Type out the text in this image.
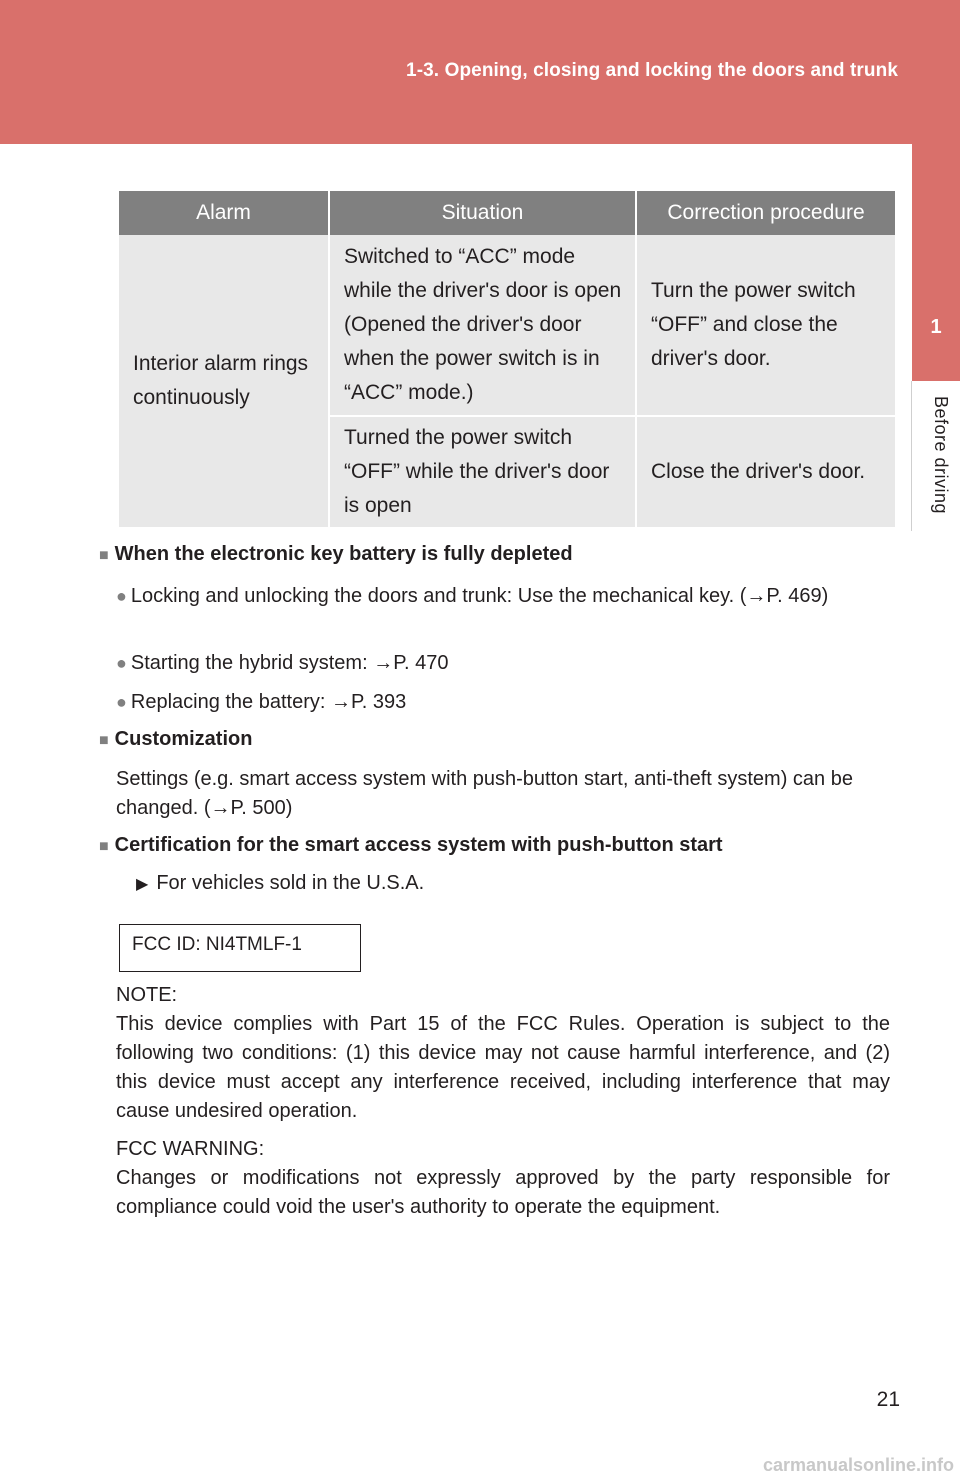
1-3. Opening, closing and locking the doors and trunk
1
Before driving
Alarm	Situation	Correction procedure
Interior alarm rings continuously	Switched to “ACC” mode while the driver's door is open (Opened the driver's door when the power switch is in “ACC” mode.)	Turn the power switch “OFF” and close the driver's door.
	Turned the power switch “OFF” while the driver's door is open	Close the driver's door.
■ When the electronic key battery is fully depleted
● Locking and unlocking the doors and trunk: Use the mechanical key. (→P. 469)
● Starting the hybrid system: →P. 470
● Replacing the battery: →P. 393
■ Customization
Settings (e.g. smart access system with push-button start, anti-theft system) can be changed. (→P. 500)
■ Certification for the smart access system with push-button start
▶ For vehicles sold in the U.S.A.
FCC ID: NI4TMLF-1
NOTE:
This device complies with Part 15 of the FCC Rules. Operation is subject to the following two conditions: (1) this device may not cause harmful interference, and (2) this device must accept any interference received, including interference that may cause undesired operation.
FCC WARNING:
Changes or modifications not expressly approved by the party responsible for compliance could void the user's authority to operate the equipment.
21
carmanualsonline.info
